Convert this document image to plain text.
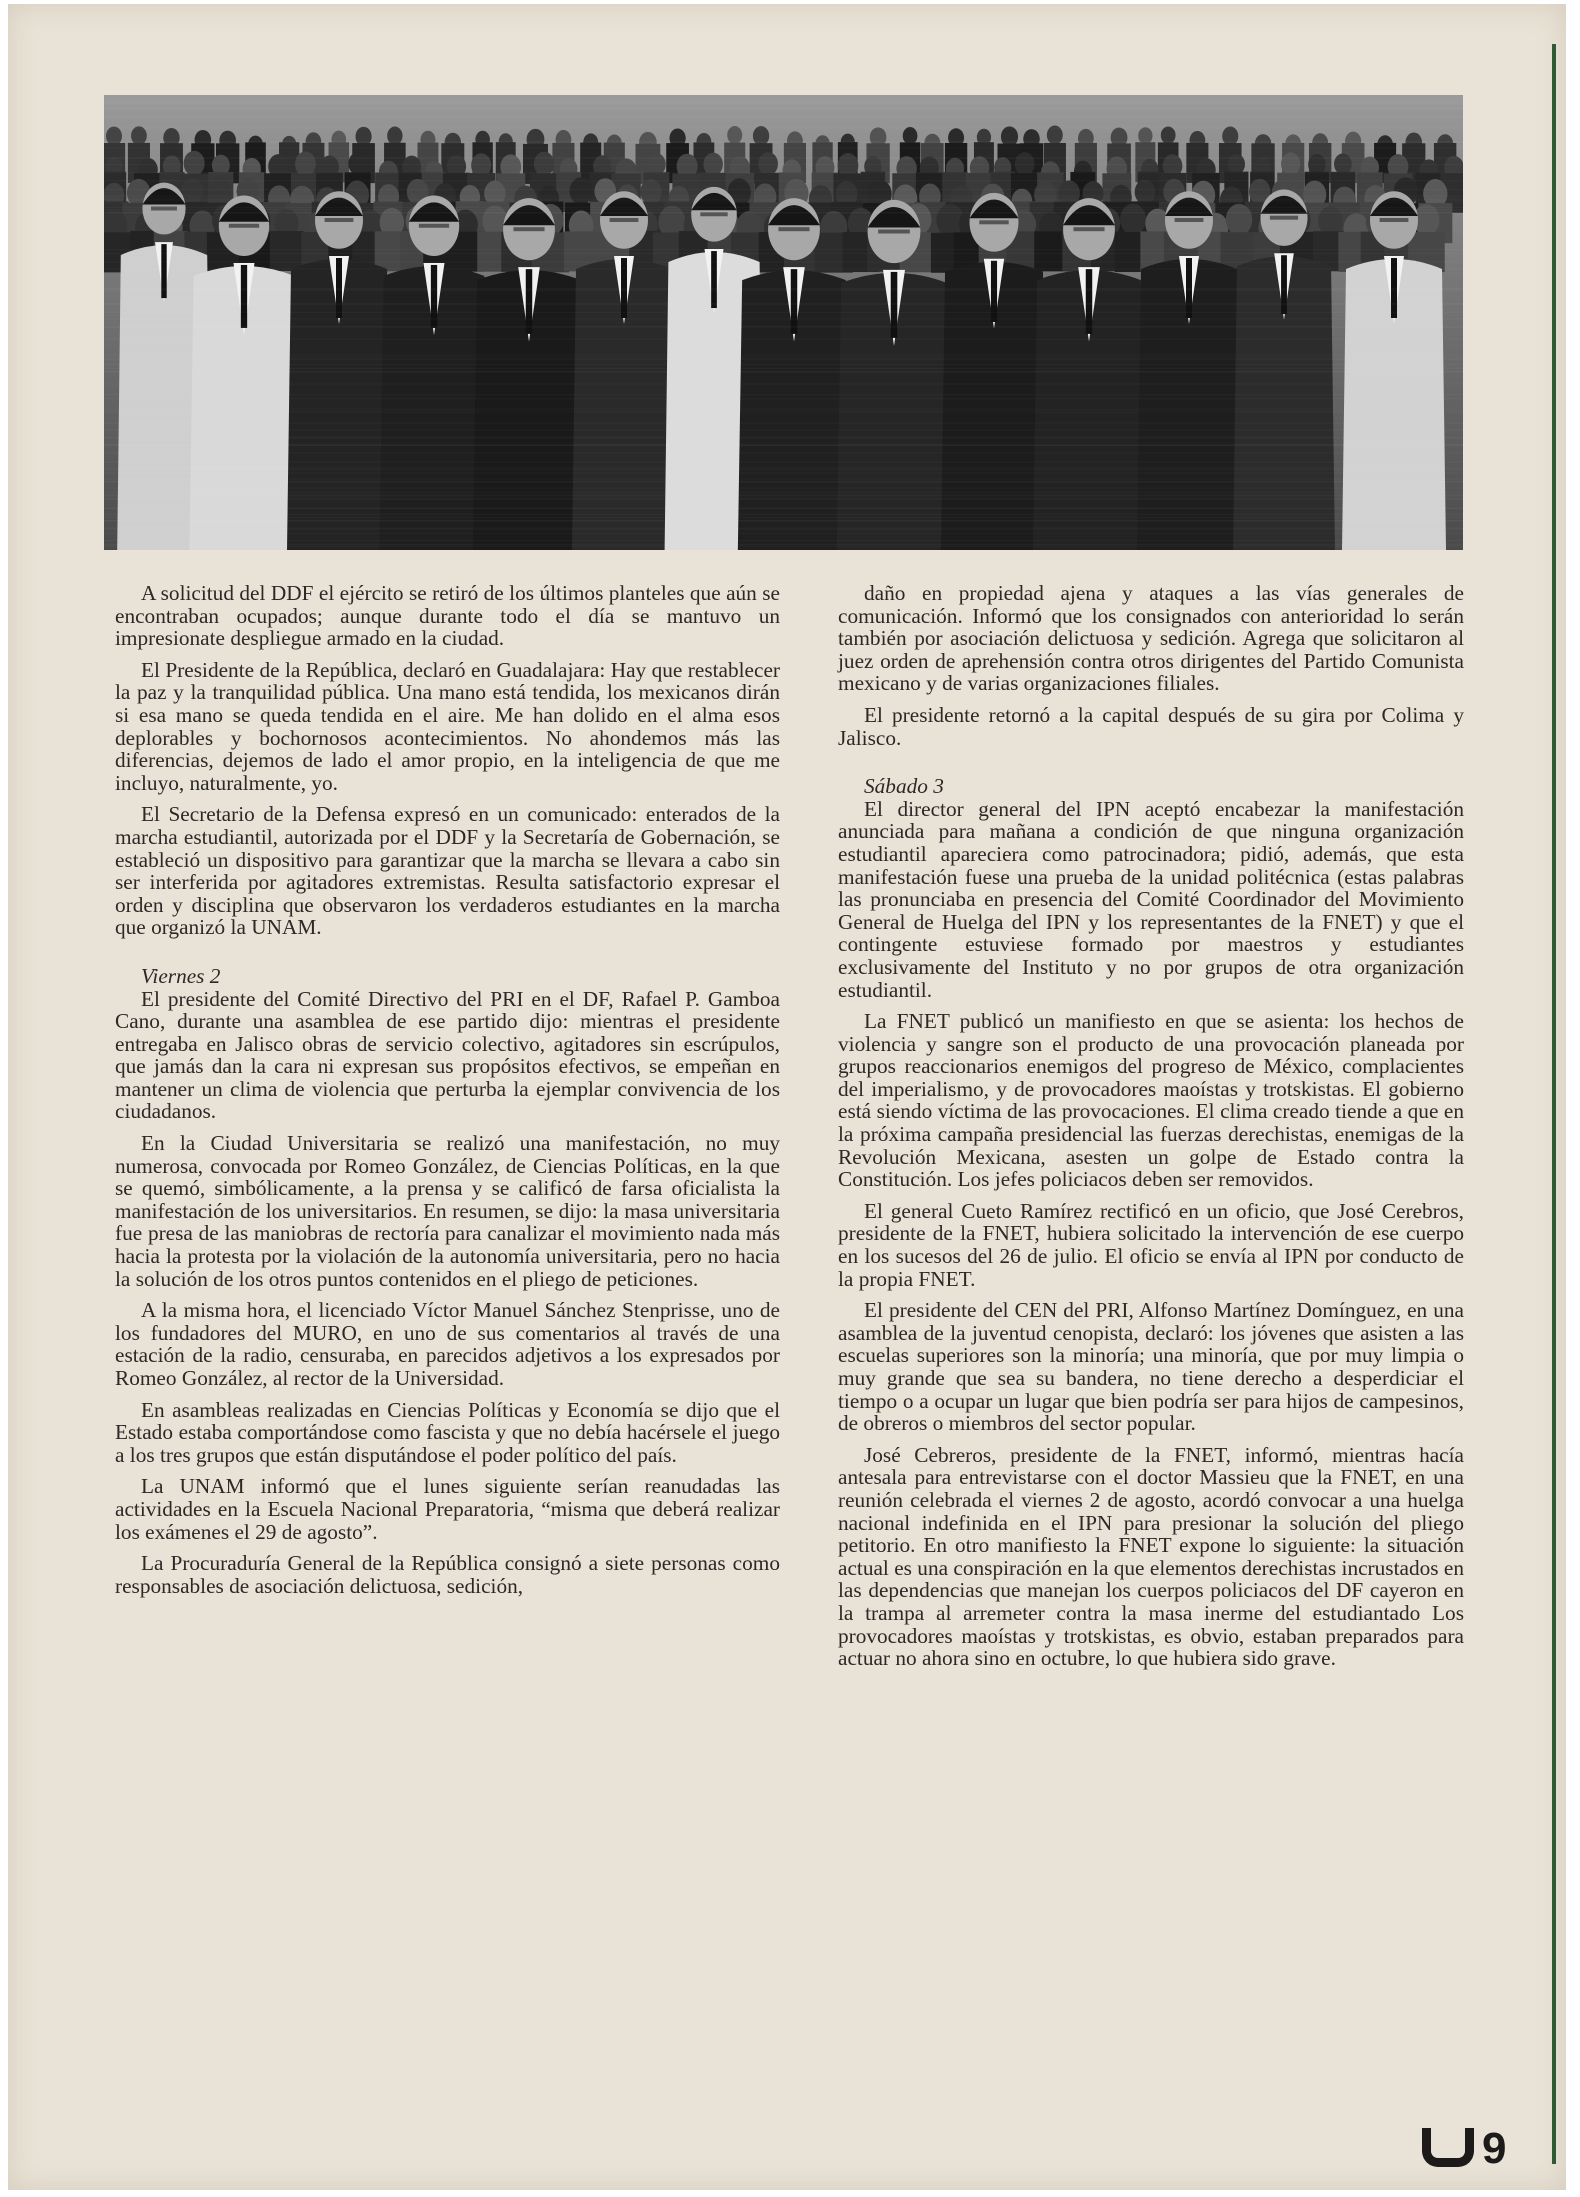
A solicitud del DDF el ejército se retiró de los últimos planteles que aún se encontraban ocupados; aunque durante todo el día se mantuvo un impresionate despliegue armado en la ciudad.

El Presidente de la República, declaró en Guadalajara: Hay que restablecer la paz y la tranquilidad pública. Una mano está tendida, los mexicanos dirán si esa mano se queda tendida en el aire. Me han dolido en el alma esos deplorables y bochornosos acontecimientos. No ahondemos más las diferencias, dejemos de lado el amor propio, en la inteligencia de que me incluyo, naturalmente, yo.

El Secretario de la Defensa expresó en un comunicado: enterados de la marcha estudiantil, autorizada por el DDF y la Secretaría de Gobernación, se estableció un dispositivo para garantizar que la marcha se llevara a cabo sin ser interferida por agitadores extremistas. Resulta satisfactorio expresar el orden y disciplina que observaron los verdaderos estudiantes en la marcha que organizó la UNAM.

Viernes 2

El presidente del Comité Directivo del PRI en el DF, Rafael P. Gamboa Cano, durante una asamblea de ese partido dijo: mientras el presidente entregaba en Jalisco obras de servicio colectivo, agitadores sin escrúpulos, que jamás dan la cara ni expresan sus propósitos efectivos, se empeñan en mantener un clima de violencia que perturba la ejemplar convivencia de los ciudadanos.

En la Ciudad Universitaria se realizó una manifestación, no muy numerosa, convocada por Romeo González, de Ciencias Políticas, en la que se quemó, simbólicamente, a la prensa y se calificó de farsa oficialista la manifestación de los universitarios. En resumen, se dijo: la masa universitaria fue presa de las maniobras de rectoría para canalizar el movimiento nada más hacia la protesta por la violación de la autonomía universitaria, pero no hacia la solución de los otros puntos contenidos en el pliego de peticiones.

A la misma hora, el licenciado Víctor Manuel Sánchez Stenprisse, uno de los fundadores del MURO, en uno de sus comentarios al través de una estación de la radio, censuraba, en parecidos adjetivos a los expresados por Romeo González, al rector de la Universidad.

En asambleas realizadas en Ciencias Políticas y Economía se dijo que el Estado estaba comportándose como fascista y que no debía hacérsele el juego a los tres grupos que están disputándose el poder político del país.

La UNAM informó que el lunes siguiente serían reanudadas las actividades en la Escuela Nacional Preparatoria, “misma que deberá realizar los exámenes el 29 de agosto”.

La Procuraduría General de la República consignó a siete personas como responsables de asociación delictuosa, sedición,

daño en propiedad ajena y ataques a las vías generales de comunicación. Informó que los consignados con anterioridad lo serán también por asociación delictuosa y sedición. Agrega que solicitaron al juez orden de aprehensión contra otros dirigentes del Partido Comunista mexicano y de varias organizaciones filiales.

El presidente retornó a la capital después de su gira por Colima y Jalisco.

Sábado 3

El director general del IPN aceptó encabezar la manifestación anunciada para mañana a condición de que ninguna organización estudiantil apareciera como patrocinadora; pidió, además, que esta manifestación fuese una prueba de la unidad politécnica (estas palabras las pronunciaba en presencia del Comité Coordinador del Movimiento General de Huelga del IPN y los representantes de la FNET) y que el contingente estuviese formado por maestros y estudiantes exclusivamente del Instituto y no por grupos de otra organización estudiantil.

La FNET publicó un manifiesto en que se asienta: los hechos de violencia y sangre son el producto de una provocación planeada por grupos reaccionarios enemigos del progreso de México, complacientes del imperialismo, y de provocadores maoístas y trotskistas. El gobierno está siendo víctima de las provocaciones. El clima creado tiende a que en la próxima campaña presidencial las fuerzas derechistas, enemigas de la Revolución Mexicana, asesten un golpe de Estado contra la Constitución. Los jefes policiacos deben ser removidos.

El general Cueto Ramírez rectificó en un oficio, que José Cerebros, presidente de la FNET, hubiera solicitado la intervención de ese cuerpo en los sucesos del 26 de julio. El oficio se envía al IPN por conducto de la propia FNET.

El presidente del CEN del PRI, Alfonso Martínez Domínguez, en una asamblea de la juventud cenopista, declaró: los jóvenes que asisten a las escuelas superiores son la minoría; una minoría, que por muy limpia o muy grande que sea su bandera, no tiene derecho a desperdiciar el tiempo o a ocupar un lugar que bien podría ser para hijos de campesinos, de obreros o miembros del sector popular.

José Cebreros, presidente de la FNET, informó, mientras hacía antesala para entrevistarse con el doctor Massieu que la FNET, en una reunión celebrada el viernes 2 de agosto, acordó convocar a una huelga nacional indefinida en el IPN para presionar la solución del pliego petitorio. En otro manifiesto la FNET expone lo siguiente: la situación actual es una conspiración en la que elementos derechistas incrustados en las dependencias que manejan los cuerpos policiacos del DF cayeron en la trampa al arremeter contra la masa inerme del estudiantado Los provocadores maoístas y trotskistas, es obvio, estaban preparados para actuar no ahora sino en octubre, lo que hubiera sido grave.

9
